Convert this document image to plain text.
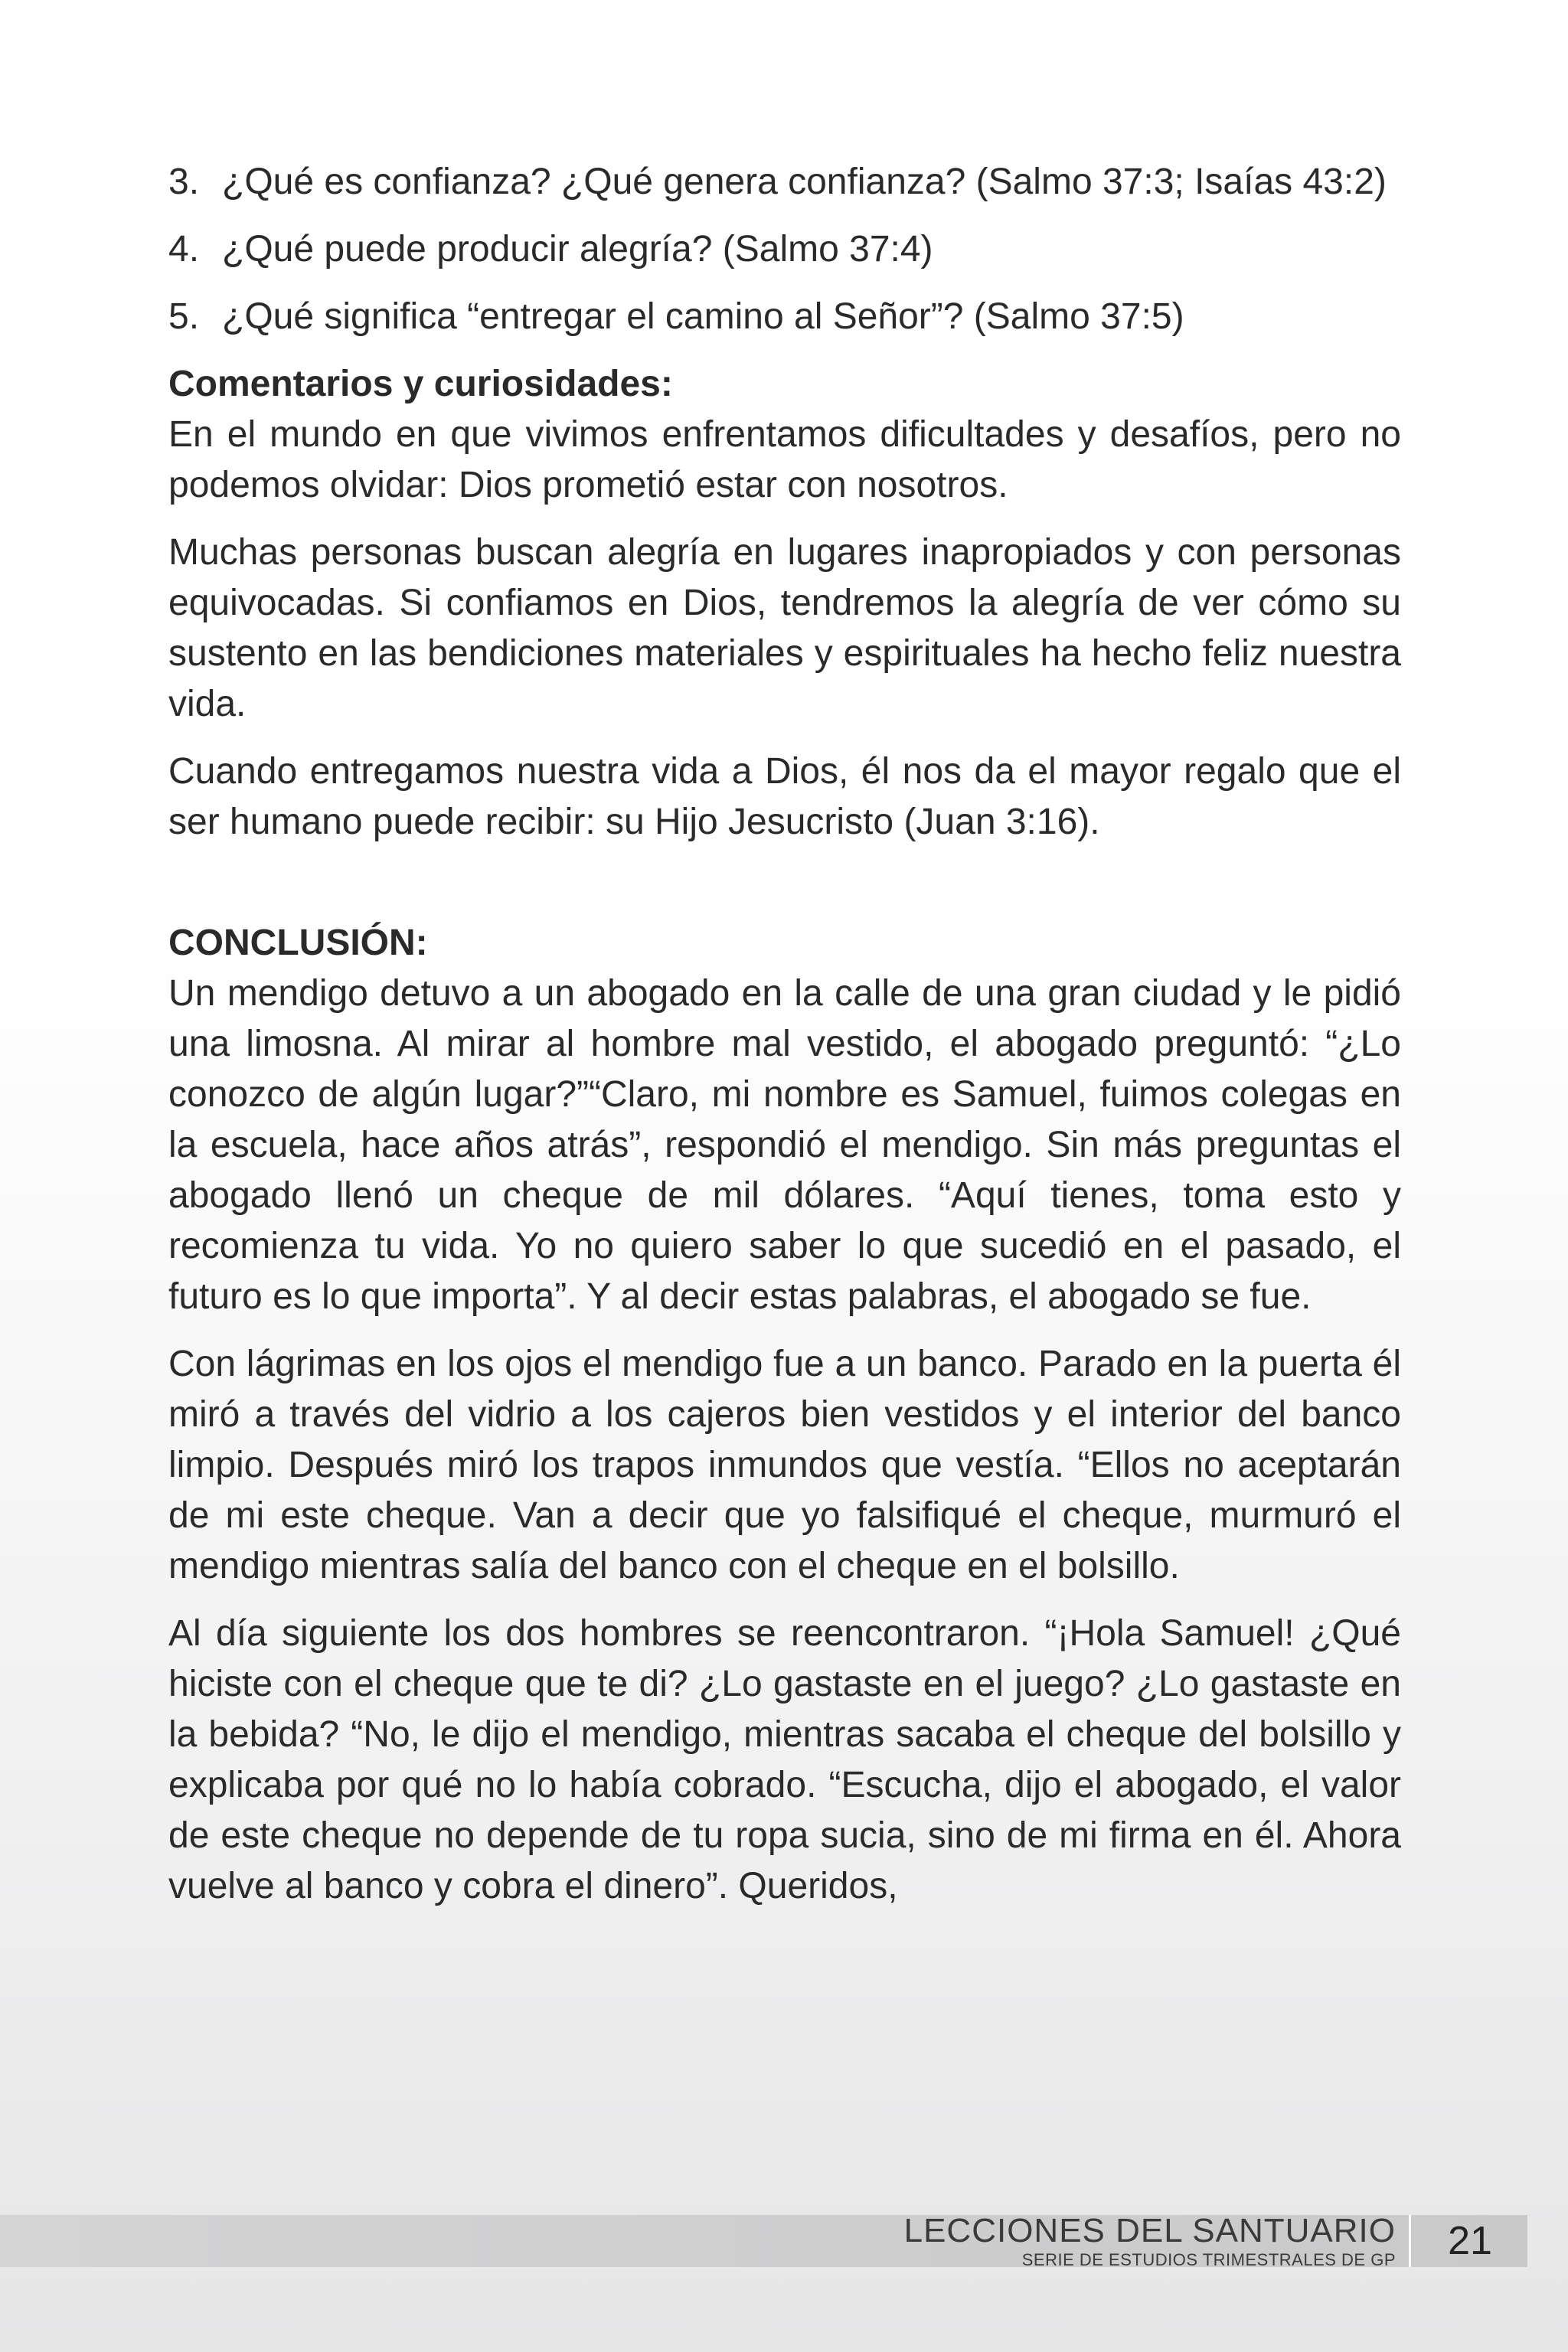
3. ¿Qué es confianza? ¿Qué genera confianza? (Salmo 37:3; Isaías 43:2)

4. ¿Qué puede producir alegría? (Salmo 37:4)

5. ¿Qué significa “entregar el camino al Señor”? (Salmo 37:5)

Comentarios y curiosidades:

En el mundo en que vivimos enfrentamos dificultades y desafíos, pero no podemos olvidar: Dios prometió estar con nosotros.

Muchas personas buscan alegría en lugares inapropiados y con personas equivocadas. Si confiamos en Dios, tendremos la alegría de ver cómo su sustento en las bendiciones materiales y espirituales ha hecho feliz nuestra vida.

Cuando entregamos nuestra vida a Dios, él nos da el mayor regalo que el ser humano puede recibir: su Hijo Jesucristo (Juan 3:16).

CONCLUSIÓN:

Un mendigo detuvo a un abogado en la calle de una gran ciudad y le pidió una limosna. Al mirar al hombre mal vestido, el abogado preguntó: “¿Lo conozco de algún lugar?”“Claro, mi nombre es Samuel, fuimos colegas en la escuela, hace años atrás”, respondió el mendigo. Sin más preguntas el abogado llenó un cheque de mil dólares. “Aquí tienes, toma esto y recomienza tu vida. Yo no quiero saber lo que sucedió en el pasado, el futuro es lo que importa”. Y al decir estas palabras, el abogado se fue.

Con lágrimas en los ojos el mendigo fue a un banco. Parado en la puerta él miró a través del vidrio a los cajeros bien vestidos y el interior del banco limpio. Después miró los trapos inmundos que vestía. “Ellos no aceptarán de mi este cheque. Van a decir que yo falsifiqué el cheque, murmuró el mendigo mientras salía del banco con el cheque en el bolsillo.

Al día siguiente los dos hombres se reencontraron. “¡Hola Samuel! ¿Qué hiciste con el cheque que te di? ¿Lo gastaste en el juego? ¿Lo gastaste en la bebida? “No, le dijo el mendigo, mientras sacaba el cheque del bolsillo y explicaba por qué no lo había cobrado. “Escucha, dijo el abogado, el valor de este cheque no depende de tu ropa sucia, sino de mi firma en él. Ahora vuelve al banco y cobra el dinero”. Queridos,

LECCIONES DEL SANTUARIO
SERIE DE ESTUDIOS TRIMESTRALES DE GP	21
